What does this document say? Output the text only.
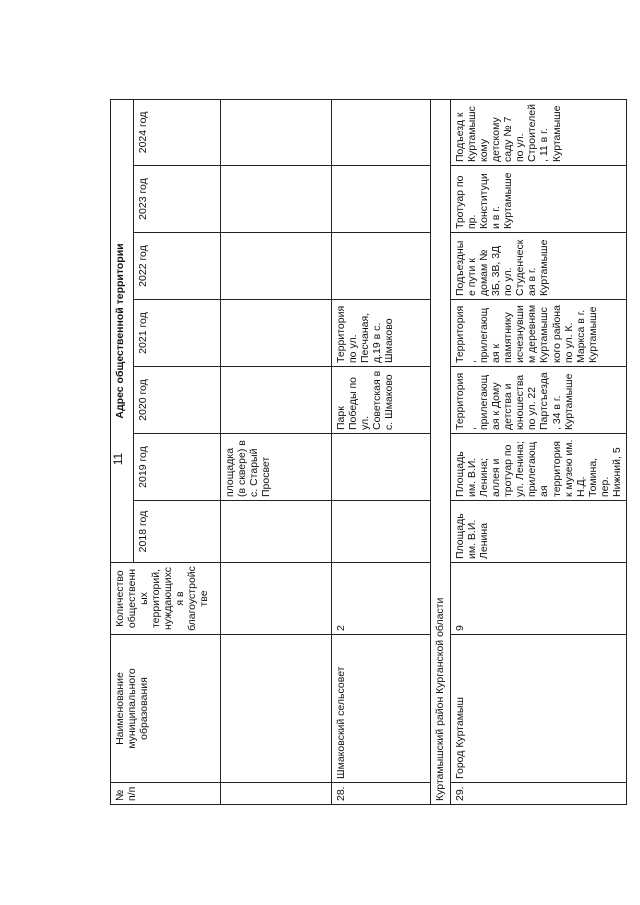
11
№ п/п	Наименование муниципального образования	Количество общественных территорий, нуждающихся в благоустройстве	Адрес общественной территории						
			2018 год	2019 год	2020 год	2021 год	2022 год	2023 год	2024 год
				площадка (в сквере) в с. Старый Просвет					
28.	Шмаковский сельсовет	2			Парк Победы по ул. Советская в с. Шмаково	Территория по ул. Песчаная, д.19 в с. Шмаково			
Куртамышский район Курганской области									
29.	Город Куртамыш	9	Площадь им. В.И. Ленина	Площадь им. В.И. Ленина; аллея и тротуар по ул. Ленина; прилегающая территория к музею им. Н.Д. Томина, пер. Нижний, 5	Территория, прилегающая к Дому детства и юношества по ул. 22 Партсъезда, 34 в г. Куртамыше	Территория, прилегающая к памятнику исчезнувшим деревням Куртамышского района по ул. К. Маркса в г. Куртамыше	Подъездные пути к домам № 3Б, 3В, 3Д по ул. Студенческая в г. Куртамыше	Тротуар по пр. Конституции в г. Куртамыше	Подъезд к Куртамышскому детскому саду № 7 по ул. Строителей, 11 в г. Куртамыше
